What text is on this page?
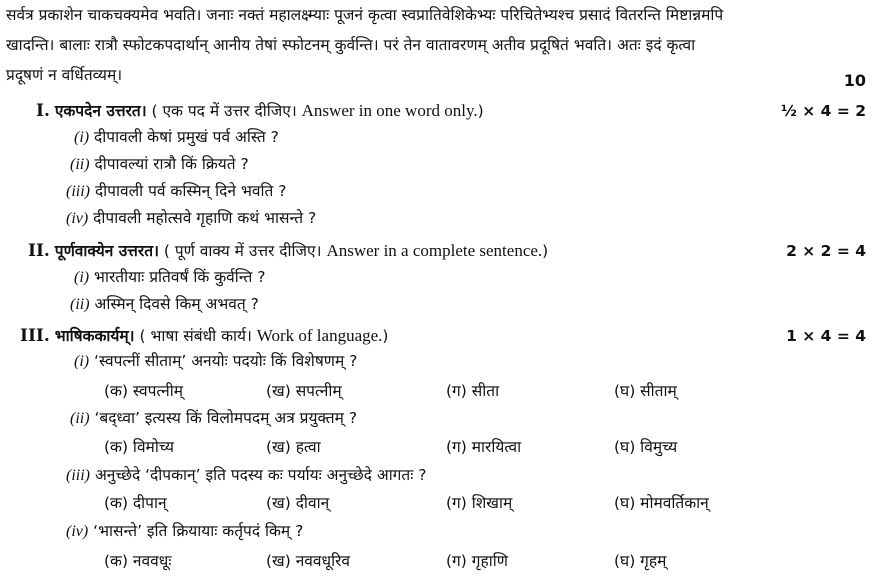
सर्वत्र प्रकाशेन चाकचक्यमेव भवति। जनाः नक्तं महालक्ष्म्याः पूजनं कृत्वा स्वप्रातिवेशिकेभ्यः परिचितेभ्यश्च प्रसादं वितरन्ति मिष्टान्नमपि
खादन्ति। बालाः रात्रौ स्फोटकपदार्थान् आनीय तेषां स्फोटनम् कुर्वन्ति। परं तेन वातावरणम् अतीव प्रदूषितं भवति। अतः इदं कृत्वा
प्रदूषणं न वर्धितव्यम्।	10
I. एकपदेन उत्तरत। ( एक पद में उत्तर दीजिए। Answer in one word only.)	½ × 4 = 2
(i) दीपावली केषां प्रमुखं पर्व अस्ति ?
(ii) दीपावल्यां रात्रौ किं क्रियते ?
(iii) दीपावली पर्व कस्मिन् दिने भवति ?
(iv) दीपावली महोत्सवे गृहाणि कथं भासन्ते ?
II. पूर्णवाक्येन उत्तरत। ( पूर्ण वाक्य में उत्तर दीजिए। Answer in a complete sentence.)	2 × 2 = 4
(i) भारतीयाः प्रतिवर्षं किं कुर्वन्ति ?
(ii) अस्मिन् दिवसे किम् अभवत् ?
III. भाषिककार्यम्। ( भाषा संबंधी कार्य। Work of language.)	1 × 4 = 4
(i) ‘स्वपत्नीं सीताम्’ अनयोः पदयोः किं विशेषणम् ?
(क) स्वपत्नीम्	(ख) सपत्नीम्	(ग) सीता	(घ) सीताम्
(ii) ‘बद्ध्वा’ इत्यस्य किं विलोमपदम् अत्र प्रयुक्तम् ?
(क) विमोच्य	(ख) हत्वा	(ग) मारयित्वा	(घ) विमुच्य
(iii) अनुच्छेदे ‘दीपकान्’ इति पदस्य कः पर्यायः अनुच्छेदे आगतः ?
(क) दीपान्	(ख) दीवान्	(ग) शिखाम्	(घ) मोमवर्तिकान्
(iv) ‘भासन्ते’ इति क्रियायाः कर्तृपदं किम् ?
(क) नववधूः	(ख) नववधूरिव	(ग) गृहाणि	(घ) गृहम्
